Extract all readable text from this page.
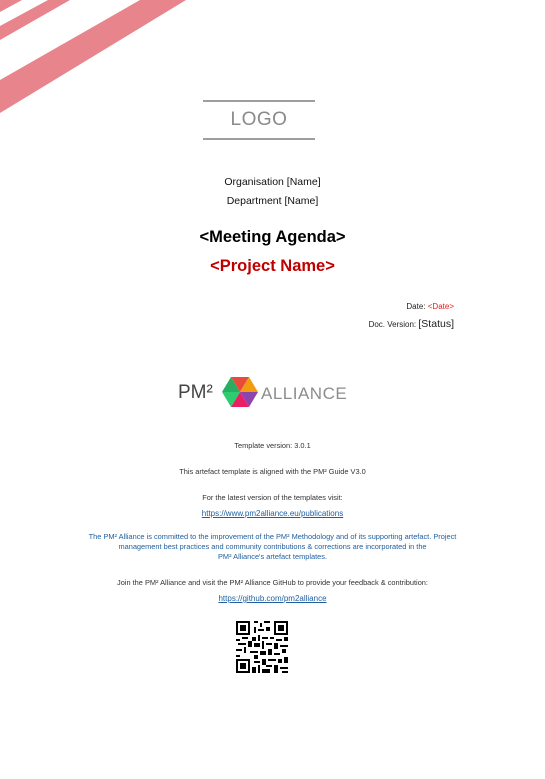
LOGO
Organisation [Name]
Department [Name]
<Meeting Agenda>
<Project Name>
Date: <Date>
Doc. Version: [Status]
PM²	ALLIANCE
Template version: 3.0.1
This artefact template is aligned with the PM² Guide V3.0
For the latest version of the templates visit:
https://www.pm2alliance.eu/publications
The PM² Alliance is committed to the improvement of the PM² Methodology and of its supporting artefact. Project
management best practices and community contributions & corrections are incorporated in the
PM² Alliance's artefact templates.
Join the PM² Alliance and visit the PM² Alliance GitHub to provide your feedback & contribution:
https://github.com/pm2alliance
